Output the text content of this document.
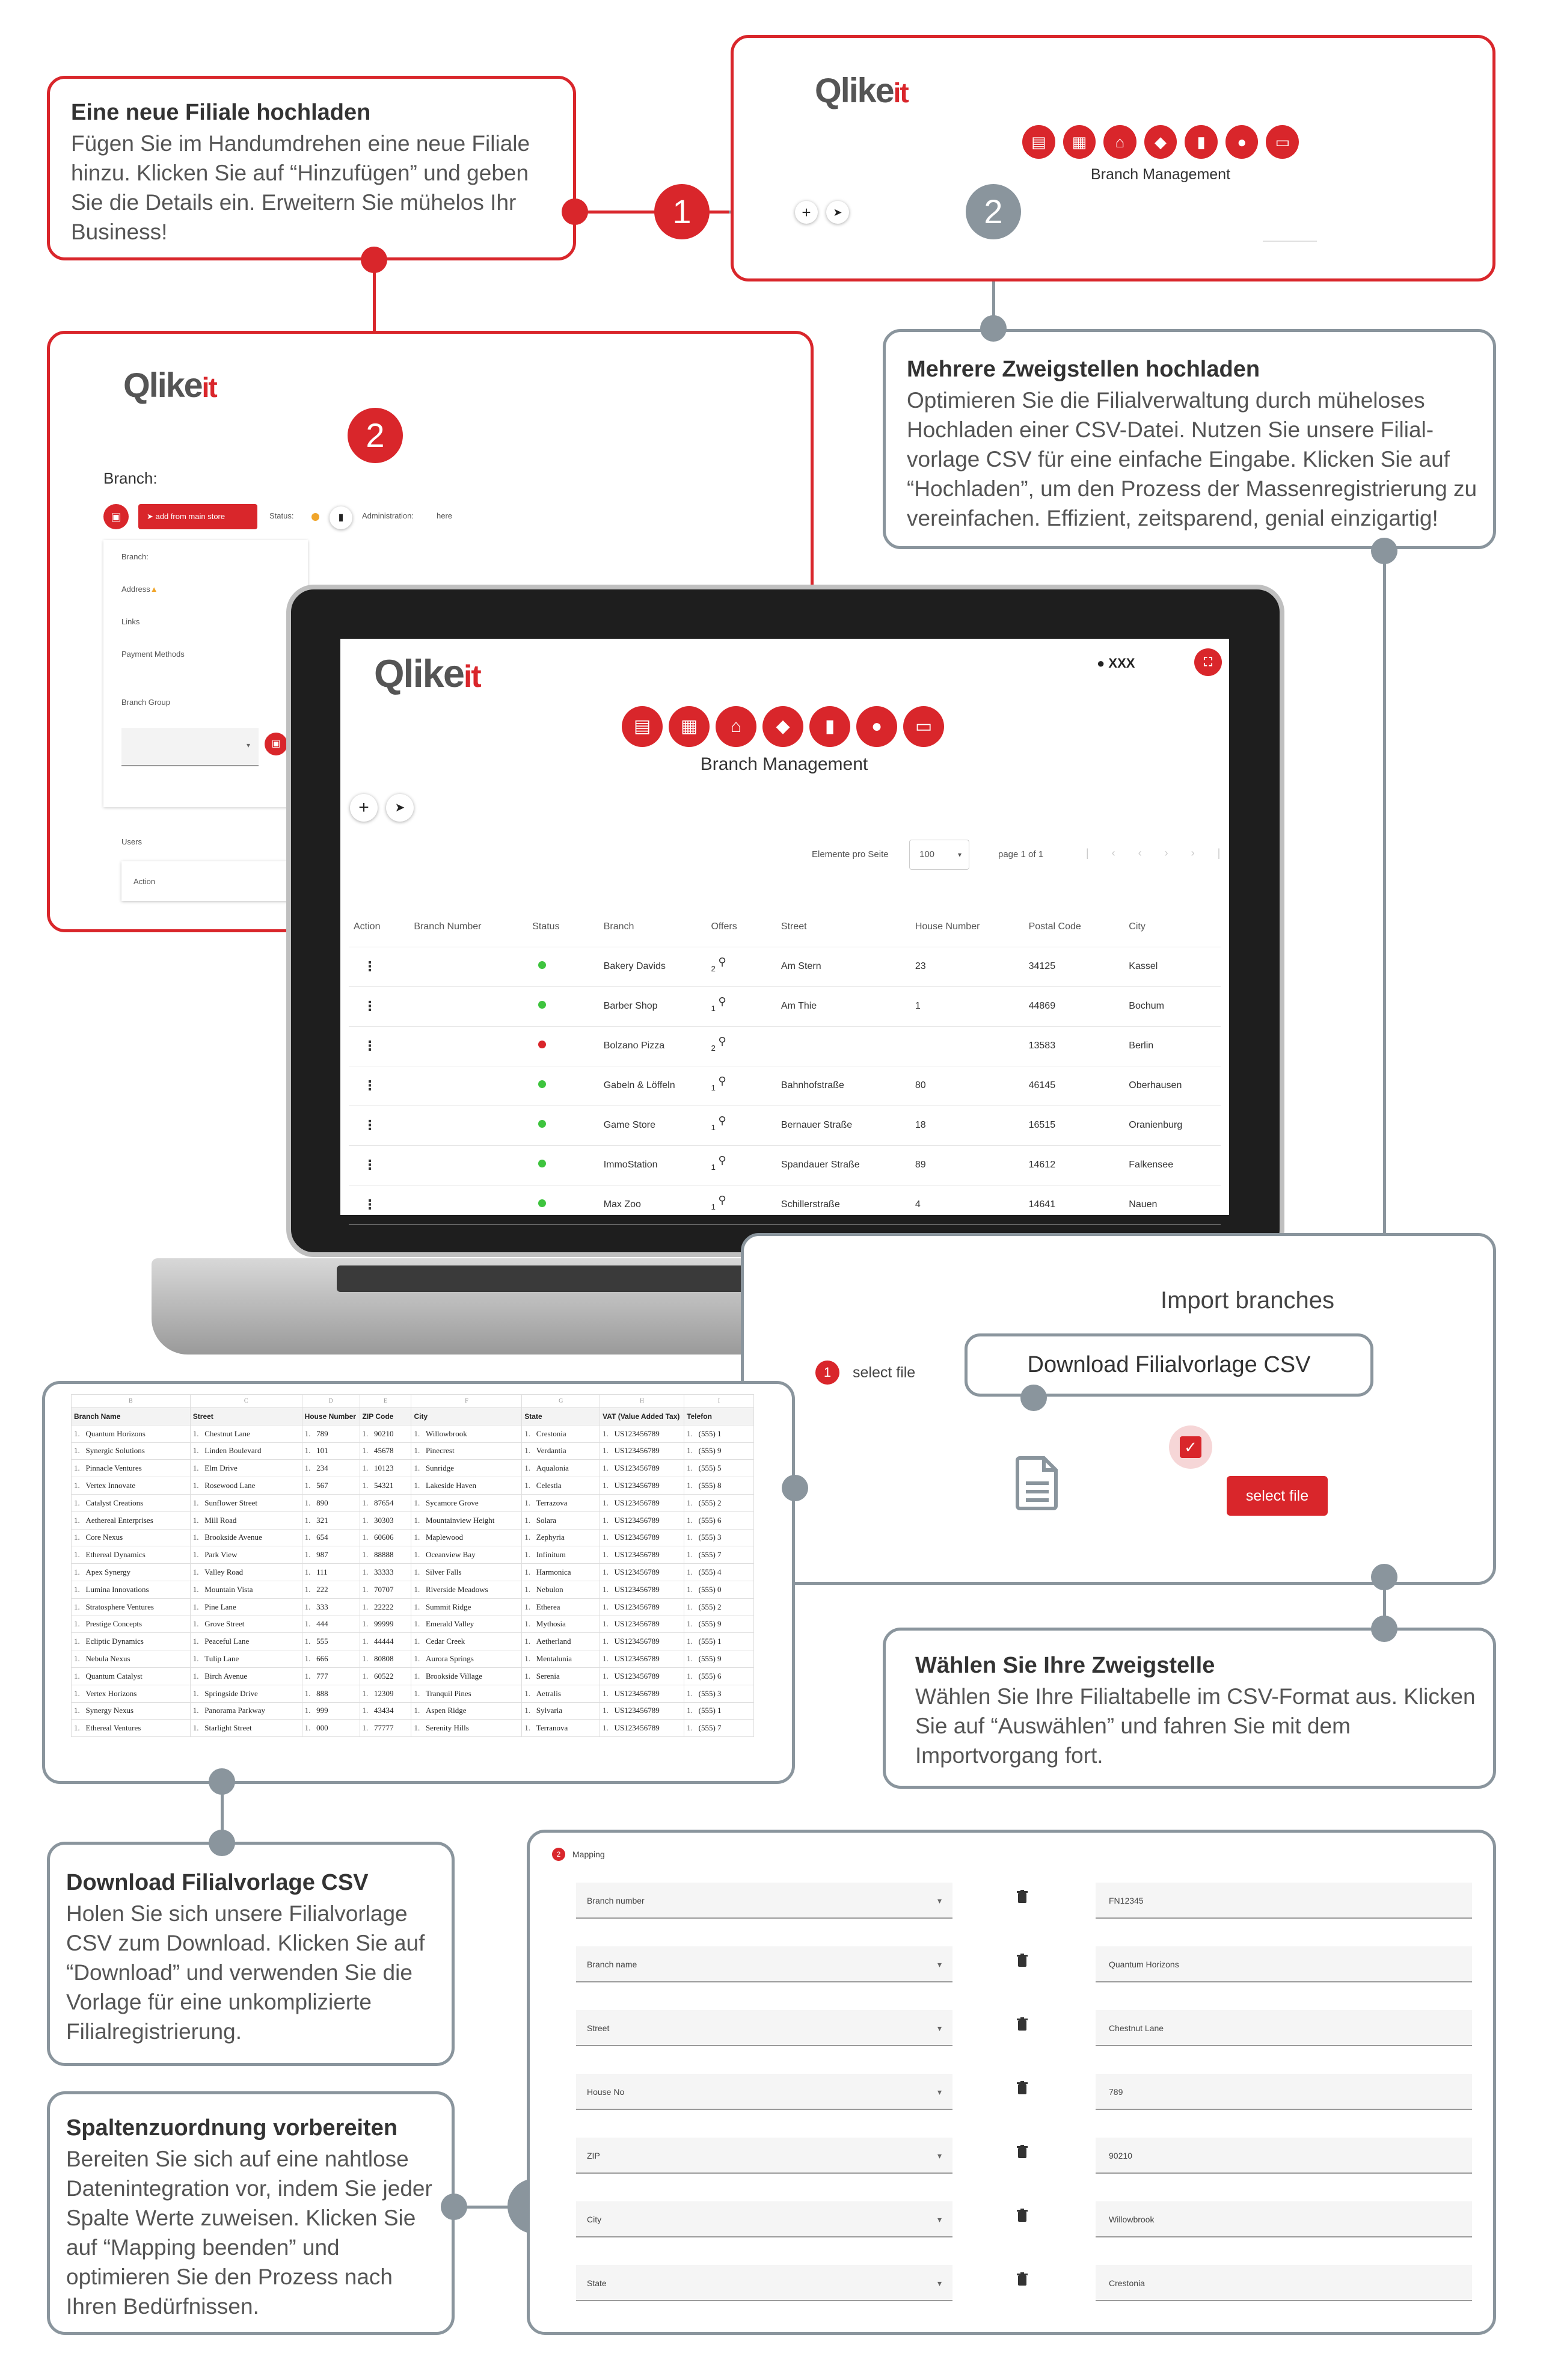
Eine neue Filiale hochladen

Fügen Sie im Handumdrehen eine neue Filiale hinzu. Klicken Sie auf “Hinzufügen” und geben Sie die Details ein. Erweitern Sie mühelos Ihr Business!

Qlikeit
▤	▦	⌂	◆	▮	●	▭
Branch Management
+	➤
1	2
Mehrere Zweigstellen hochladen

Optimieren Sie die Filialverwaltung durch müheloses Hochladen einer CSV-Datei. Nutzen Sie unsere Filial-vorlage CSV für eine einfache Eingabe. Klicken Sie auf “Hochladen”, um den Prozess der Massenregistrierung zu vereinfachen. Effizient, zeitsparend, genial einzigartig!

Qlikeit
2
Branch:
▣	➤ add from main store	Status:	▮	Administration:	here
Branch:
Address▲
Links
Payment Methods
Branch Group
▾	▣
Users
Action
Qlikeit	● XXX	⛶
▤	▦	⌂	◆	▮	●	▭
Branch Management
+	➤
Elemente pro Seite	100	▾	page 1 of 1	|‹‹››|
Action	Branch Number	Status	Branch	Offers	Street	House Number	Postal Code	City
⋮			Bakery Davids	$_2$ ⚲	Am Stern	23	34125	Kassel
⋮			Barber Shop	$_1$ ⚲	Am Thie	1	44869	Bochum
⋮			Bolzano Pizza	$_2$ ⚲			13583	Berlin
⋮			Gabeln & Löffeln	$_1$ ⚲	Bahnhofstraße	80	46145	Oberhausen
⋮			Game Store	$_1$ ⚲	Bernauer Straße	18	16515	Oranienburg
⋮			ImmoStation	$_1$ ⚲	Spandauer Straße	89	14612	Falkensee
⋮			Max Zoo	$_1$ ⚲	Schillerstraße	4	14641	Nauen
Import branches
1	select file	Download Filialvorlage CSV
✓
select file
B	C	D	E	F	G	H	I
Branch Name	Street	House Number	ZIP Code	City	State	VAT (Value Added Tax)	Telefon
1.   Quantum Horizons	1.   Chestnut Lane	1.   789	1.   90210	1.   Willowbrook	1.   Crestonia	1.   US123456789	1.   (555) 1
1.   Synergic Solutions	1.   Linden Boulevard	1.   101	1.   45678	1.   Pinecrest	1.   Verdantia	1.   US123456789	1.   (555) 9
1.   Pinnacle Ventures	1.   Elm Drive	1.   234	1.   10123	1.   Sunridge	1.   Aqualonia	1.   US123456789	1.   (555) 5
1.   Vertex Innovate	1.   Rosewood Lane	1.   567	1.   54321	1.   Lakeside Haven	1.   Celestia	1.   US123456789	1.   (555) 8
1.   Catalyst Creations	1.   Sunflower Street	1.   890	1.   87654	1.   Sycamore Grove	1.   Terrazova	1.   US123456789	1.   (555) 2
1.   Aethereal Enterprises	1.   Mill Road	1.   321	1.   30303	1.   Mountainview Height	1.   Solara	1.   US123456789	1.   (555) 6
1.   Core Nexus	1.   Brookside Avenue	1.   654	1.   60606	1.   Maplewood	1.   Zephyria	1.   US123456789	1.   (555) 3
1.   Ethereal Dynamics	1.   Park View	1.   987	1.   88888	1.   Oceanview Bay	1.   Infinitum	1.   US123456789	1.   (555) 7
1.   Apex Synergy	1.   Valley Road	1.   111	1.   33333	1.   Silver Falls	1.   Harmonica	1.   US123456789	1.   (555) 4
1.   Lumina Innovations	1.   Mountain Vista	1.   222	1.   70707	1.   Riverside Meadows	1.   Nebulon	1.   US123456789	1.   (555) 0
1.   Stratosphere Ventures	1.   Pine Lane	1.   333	1.   22222	1.   Summit Ridge	1.   Etherea	1.   US123456789	1.   (555) 2
1.   Prestige Concepts	1.   Grove Street	1.   444	1.   99999	1.   Emerald Valley	1.   Mythosia	1.   US123456789	1.   (555) 9
1.   Ecliptic Dynamics	1.   Peaceful Lane	1.   555	1.   44444	1.   Cedar Creek	1.   Aetherland	1.   US123456789	1.   (555) 1
1.   Nebula Nexus	1.   Tulip Lane	1.   666	1.   80808	1.   Aurora Springs	1.   Mentalunia	1.   US123456789	1.   (555) 9
1.   Quantum Catalyst	1.   Birch Avenue	1.   777	1.   60522	1.   Brookside Village	1.   Serenia	1.   US123456789	1.   (555) 6
1.   Vertex Horizons	1.   Springside Drive	1.   888	1.   12309	1.   Tranquil Pines	1.   Aetralis	1.   US123456789	1.   (555) 3
1.   Synergy Nexus	1.   Panorama Parkway	1.   999	1.   43434	1.   Aspen Ridge	1.   Sylvaria	1.   US123456789	1.   (555) 1
1.   Ethereal Ventures	1.   Starlight Street	1.   000	1.   77777	1.   Serenity Hills	1.   Terranova	1.   US123456789	1.   (555) 7
Wählen Sie Ihre Zweigstelle

Wählen Sie Ihre Filialtabelle im CSV-Format aus. Klicken Sie auf “Auswählen” und fahren Sie mit dem Importvorgang fort.

Download Filialvorlage CSV

Holen Sie sich unsere Filialvorlage CSV zum Download. Klicken Sie auf “Download” und verwenden Sie die Vorlage für eine unkomplizierte Filialregistrierung.

Spaltenzuordnung vorbereiten

Bereiten Sie sich auf eine nahtlose Datenintegration vor, indem Sie jeder Spalte Werte zuweisen. Klicken Sie auf “Mapping beenden” und optimieren Sie den Prozess nach Ihren Bedürfnissen.

2	Mapping
Branch number	▾	FN12345
Branch name	▾	Quantum Horizons
Street	▾	Chestnut Lane
House No	▾	789
ZIP	▾	90210
City	▾	Willowbrook
State	▾	Crestonia
